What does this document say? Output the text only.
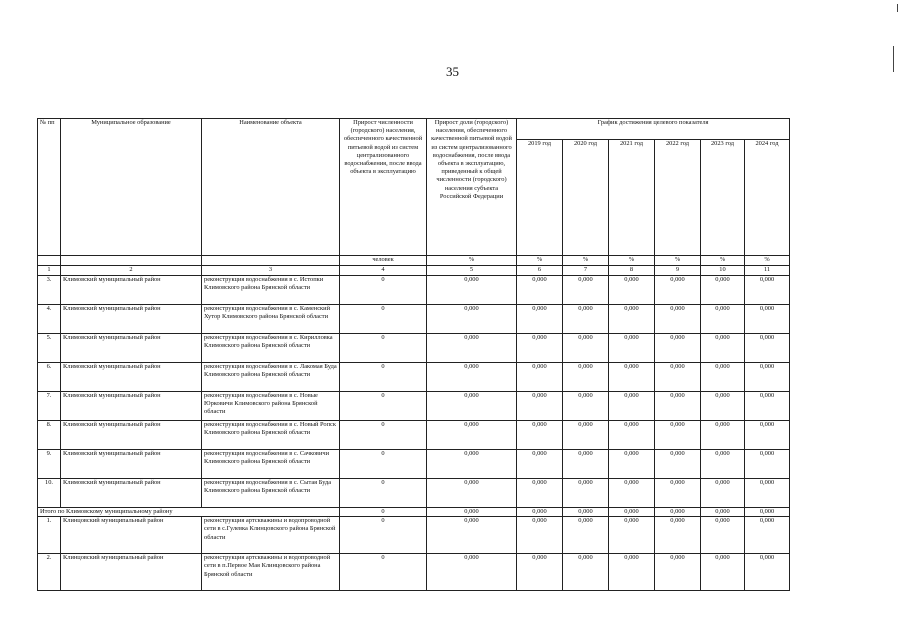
35
№ пп	Муниципальное образование	Наименование объекта	Прирост численности (городского) населения, обеспеченного качественной питьевой водой из систем централизованного водоснабжения, после ввода объекта в эксплуатацию	Прирост доли (городского) населения, обеспеченного качественной питьевой водой из систем централизованного водоснабжения, после ввода объекта в эксплуатацию, приведенный к общей численности (городского) населения субъекта Российской Федерации	График достижения целевого показателя					
					2019 год	2020 год	2021 год	2022 год	2023 год	2024 год
			человек	%	%	%	%	%	%	%
1	2	3	4	5	6	7	8	9	10	11
3.	Климовский муниципальный район	реконструкция водоснабжения в с. Истопки Климовского района Брянской области	0	0,000	0,000	0,000	0,000	0,000	0,000	0,000
4.	Климовский муниципальный район	реконструкция водоснабжения в с. Каменский Хутор Климовского района Брянской области	0	0,000	0,000	0,000	0,000	0,000	0,000	0,000
5.	Климовский муниципальный район	реконструкция водоснабжения в с. Кирилловка Климовского района Брянской области	0	0,000	0,000	0,000	0,000	0,000	0,000	0,000
6.	Климовский муниципальный район	реконструкция водоснабжения в с. Лакомая Буда Климовского района Брянской области	0	0,000	0,000	0,000	0,000	0,000	0,000	0,000
7.	Климовский муниципальный район	реконструкция водоснабжения в с. Новые Юрковичи Климовского района Брянской области	0	0,000	0,000	0,000	0,000	0,000	0,000	0,000
8.	Климовский муниципальный район	реконструкция водоснабжения в с. Новый Ропск Климовского района Брянской области	0	0,000	0,000	0,000	0,000	0,000	0,000	0,000
9.	Климовский муниципальный район	реконструкция водоснабжения в с. Сачковичи Климовского района Брянской области	0	0,000	0,000	0,000	0,000	0,000	0,000	0,000
10.	Климовский муниципальный район	реконструкция водоснабжения в с. Сытая Буда Климовского района Брянской области	0	0,000	0,000	0,000	0,000	0,000	0,000	0,000
Итого по Климовскому муниципальному району			0	0,000	0,000	0,000	0,000	0,000	0,000	0,000
1.	Клинцовский муниципальный район	реконструкция артскважины и водопроводной сети в с.Гулевка Клинцовского района Брянской области	0	0,000	0,000	0,000	0,000	0,000	0,000	0,000
2.	Клинцовский муниципальный район	реконструкция артскважины и водопроводной сети в п.Первое Мая Клинцовского района Брянской области	0	0,000	0,000	0,000	0,000	0,000	0,000	0,000
